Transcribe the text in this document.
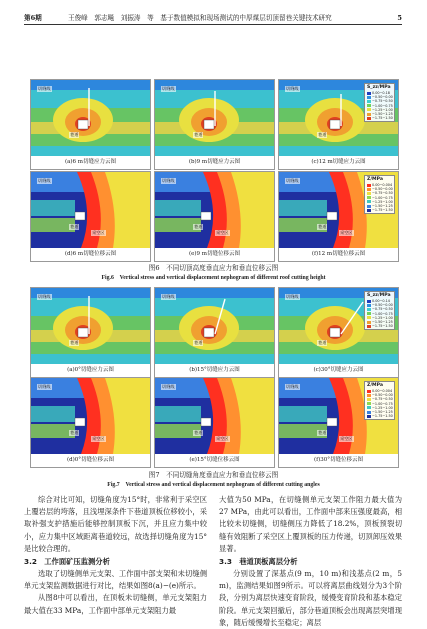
第6期	王俊峰　郭志飚　刘振涛　等　基于数值模拟和现场测试的中厚煤层切顶留巷关键技术研究	5
切缝线
巷道
(a)6 m切缝应力云图
切缝线
巷道
(b)9 m切缝应力云图
切缝线
巷道
S_zz/MPa
0.00−0.18
−0.50−0.00
−0.75−0.50
−1.00−0.75
−1.25−1.00
−1.50−1.25
−1.75−1.50
(c)12 m切缝应力云图
切缝线
巷道
采空区
(d)6 m切缝位移云图
切缝线
巷道
采空区
(e)9 m切缝位移云图
切缝线
巷道
采空区
Z/MPa
0.00−0.004
−0.50−0.00
−0.75−0.50
−1.00−0.75
−1.25−1.00
−1.50−1.25
−1.75−1.50
(f)12 m切缝位移云图
图6　不同切顶高度垂直应力和垂直位移云图
Fig.6　Vertical stress and vertical displacement nephogram of different roof cutting height
切缝线
巷道
(a)0°切缝应力云图
切缝线
巷道
(b)15°切缝应力云图
切缝线
巷道
S_zz/MPa
0.00−0.14
−0.50−0.00
−0.75−0.50
−1.00−0.75
−1.25−1.00
−1.50−1.25
−1.75−1.50
(c)30°切缝应力云图
切缝线
巷道
采空区
(d)0°切缝位移云图
切缝线
巷道
采空区
(e)15°切缝位移云图
切缝线
巷道
采空区
Z/MPa
0.00−0.004
−0.50−0.00
−0.75−0.50
−1.00−0.75
−1.25−1.00
−1.50−1.25
−1.75−1.50
(f)30°切缝位移云图
图7　不同切缝角度垂直应力和垂直位移云图
Fig.7　Vertical stress and vertical displacement nephogram of different cutting angles

综合对比可知，切缝角度为15°时，非常利于采空区上覆岩层的垮落，且浅埋深条件下巷道顶板位移较小，采取补强支护措施后能够控制顶板下沉，并且应力集中较小，应力集中区域距离巷道较远，故选择切缝角度为15°是比较合理的。

3.2　工作面矿压监测分析

选取了切缝侧单元支架、工作面中部支架和未切缝侧单元支架监测数据进行对比，结果如图8(a)−(e)所示。

从图8中可以看出，在顶板未切缝侧，单元支架阻力最大值在33 MPa，工作面中部单元支架阻力最

大值为50 MPa，在切缝侧单元支架工作阻力最大值为27 MPa，由此可以看出，工作面中部来压强度最高，相比较未切缝侧，切缝侧压力降低了18.2%，顶板预裂切缝有效阻断了采空区上覆顶板的压力传递，切顶卸压效果显著。

3.3　巷道顶板离层分析

分别设置了深基点(9 m，10 m)和浅基点(2 m，5 m)，监测结果如图9所示。可以将离层曲线划分为3个阶段，分别为离层快速变育阶段，缓慢变育阶段和基本稳定阶段。单元支架回撤后，部分巷道顶板会出现离层突增现象，随后缓慢增长至稳定；离层
